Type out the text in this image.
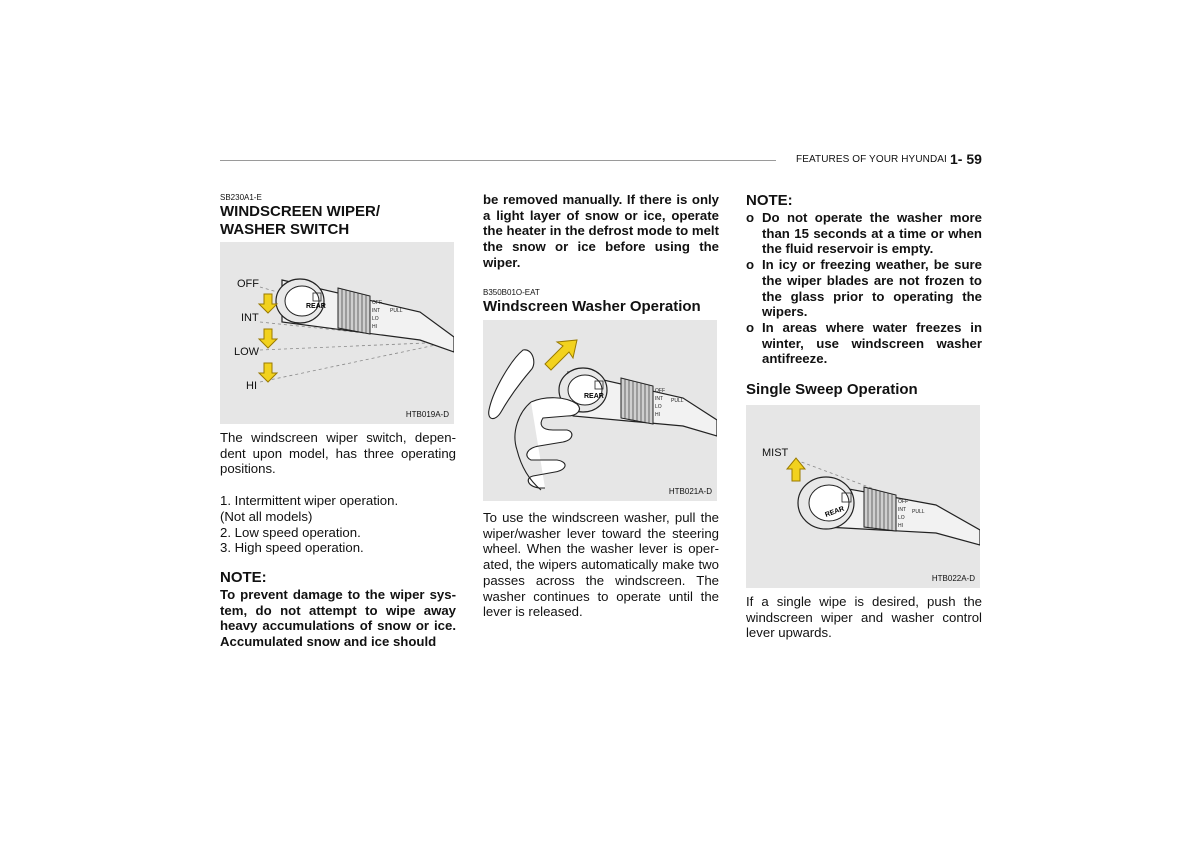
FEATURES OF YOUR HYUNDAI 1- 59
SB230A1-E
WINDSCREEN WIPER/
WASHER SWITCH
REAR	OFF
INT
LO
HI
PULL
OFF
INT
LOW
HI
HTB019A-D

The windscreen wiper switch, depen-dent upon model, has three operating positions.

1. Intermittent wiper operation.
(Not all models)
2. Low speed operation.
3. High speed operation.
NOTE:

To prevent damage to the wiper sys-tem, do not attempt to wipe away heavy accumulations of snow or ice. Accumulated snow and ice should

be removed manually. If there is only a light layer of snow or ice, operate the heater in the defrost mode to melt the snow or ice before using the wiper.

B350B01O-EAT
Windscreen Washer Operation
REAR
OFF
INT
LO
HI
PULL
HTB021A-D

To use the windscreen washer, pull the wiper/washer lever toward the steering wheel. When the washer lever is oper-ated, the wipers automatically make two passes across the windscreen. The washer continues to operate until the lever is released.

NOTE:
o Do not operate the washer more than 15 seconds at a time or when the fluid reservoir is empty.
o In icy or freezing weather, be sure the wiper blades are not frozen to the glass prior to operating the wipers.
o In areas where water freezes in winter, use windscreen washer antifreeze.
Single Sweep Operation
REAR
OFF
INT
LO
HI
PULL
MIST
HTB022A-D

If a single wipe is desired, push the windscreen wiper and washer control lever upwards.
